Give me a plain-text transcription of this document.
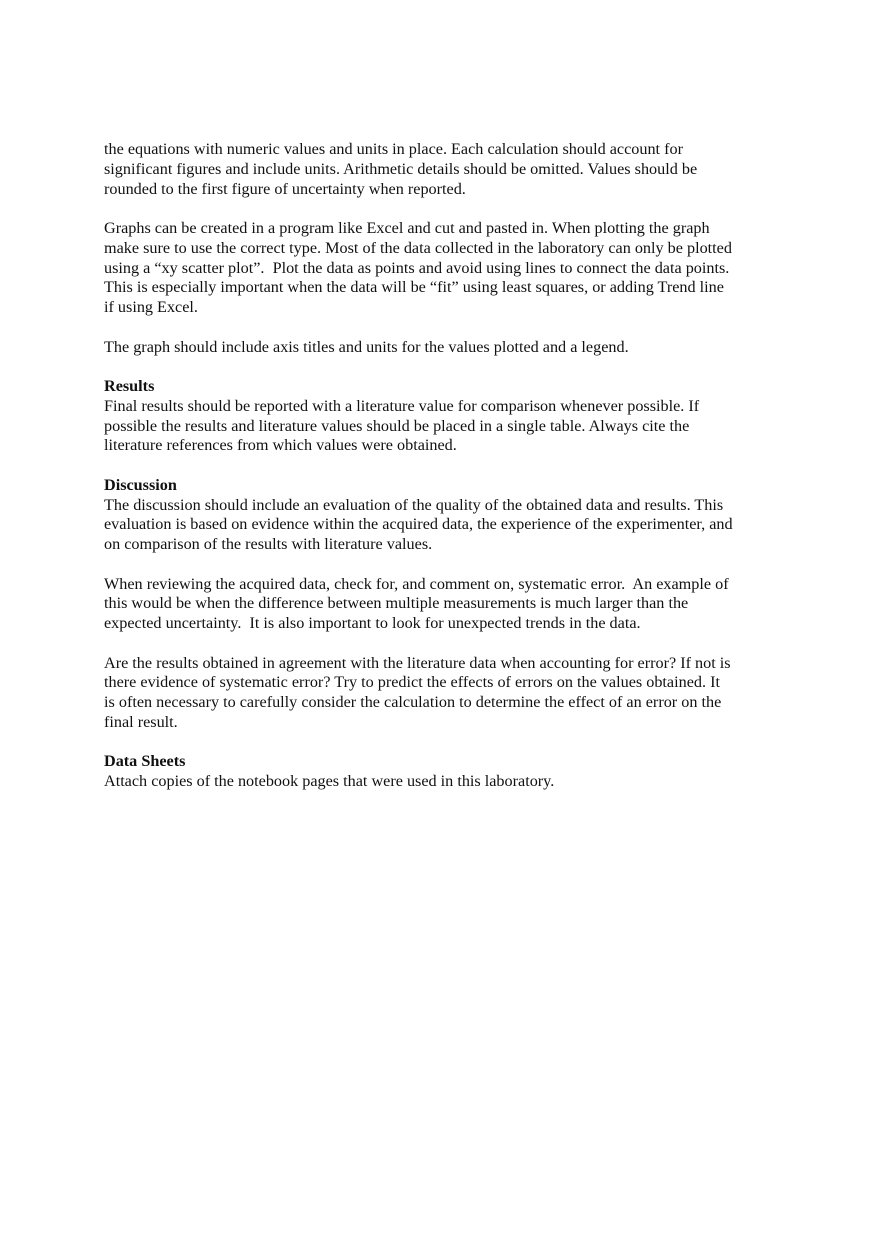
the equations with numeric values and units in place. Each calculation should account for
significant figures and include units. Arithmetic details should be omitted. Values should be
rounded to the first figure of uncertainty when reported.
Graphs can be created in a program like Excel and cut and pasted in. When plotting the graph
make sure to use the correct type. Most of the data collected in the laboratory can only be plotted
using a “xy scatter plot”.  Plot the data as points and avoid using lines to connect the data points.
This is especially important when the data will be “fit” using least squares, or adding Trend line
if using Excel.
The graph should include axis titles and units for the values plotted and a legend.
Results
Final results should be reported with a literature value for comparison whenever possible. If
possible the results and literature values should be placed in a single table. Always cite the
literature references from which values were obtained.
Discussion
The discussion should include an evaluation of the quality of the obtained data and results. This
evaluation is based on evidence within the acquired data, the experience of the experimenter, and
on comparison of the results with literature values.
When reviewing the acquired data, check for, and comment on, systematic error.  An example of
this would be when the difference between multiple measurements is much larger than the
expected uncertainty.  It is also important to look for unexpected trends in the data.
Are the results obtained in agreement with the literature data when accounting for error? If not is
there evidence of systematic error? Try to predict the effects of errors on the values obtained. It
is often necessary to carefully consider the calculation to determine the effect of an error on the
final result.
Data Sheets
Attach copies of the notebook pages that were used in this laboratory.
